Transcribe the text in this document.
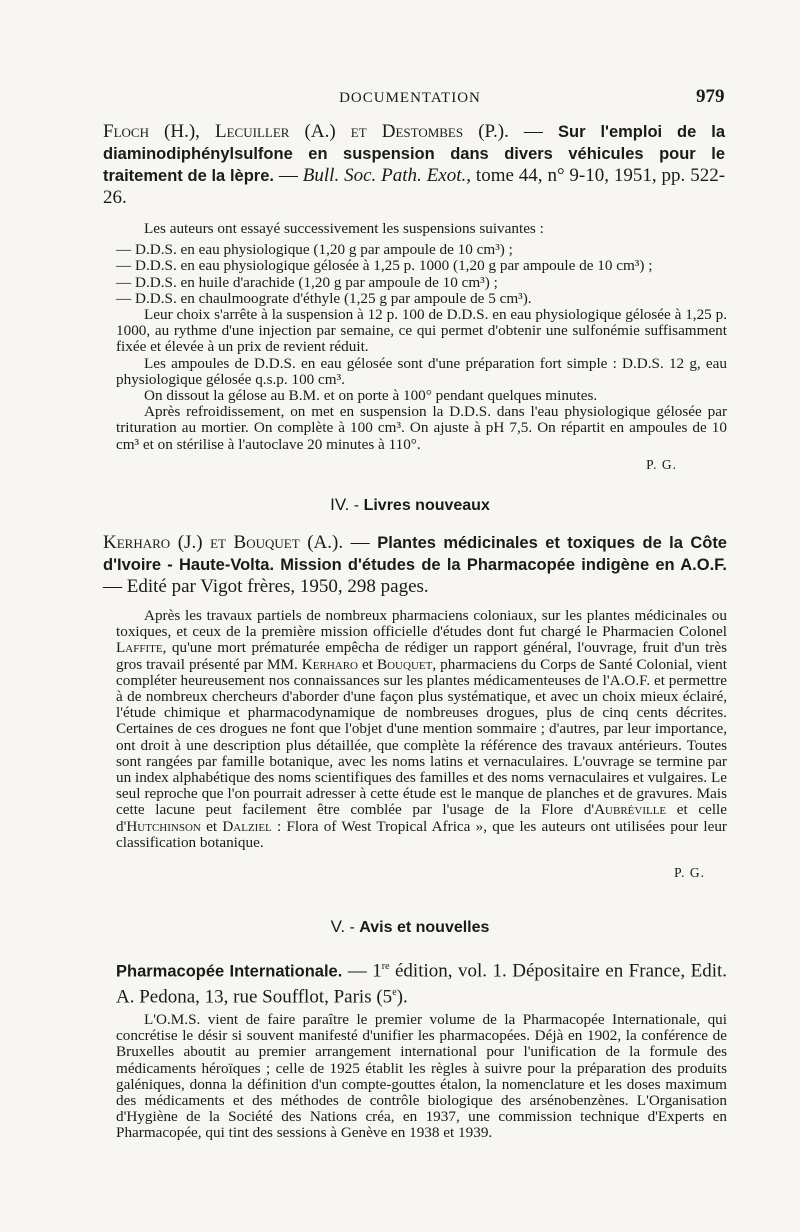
DOCUMENTATION	979
Floch (H.), Lecuiller (A.) et Destombes (P.). — Sur l'emploi de la diaminodiphénylsulfone en suspension dans divers véhicules pour le traitement de la lèpre. — Bull. Soc. Path. Exot., tome 44, n° 9-10, 1951, pp. 522-26.

Les auteurs ont essayé successivement les suspensions suivantes :

— D.D.S. en eau physiologique (1,20 g par ampoule de 10 cm³) ;
— D.D.S. en eau physiologique gélosée à 1,25 p. 1000 (1,20 g par ampoule de 10 cm³) ;
— D.D.S. en huile d'arachide (1,20 g par ampoule de 10 cm³) ;
— D.D.S. en chaulmoograte d'éthyle (1,25 g par ampoule de 5 cm³).

Leur choix s'arrête à la suspension à 12 p. 100 de D.D.S. en eau physiologique gélosée à 1,25 p. 1000, au rythme d'une injection par semaine, ce qui permet d'obtenir une sulfonémie suffisamment fixée et élevée à un prix de revient réduit.

Les ampoules de D.D.S. en eau gélosée sont d'une préparation fort simple : D.D.S. 12 g, eau physiologique gélosée q.s.p. 100 cm³.

On dissout la gélose au B.M. et on porte à 100° pendant quelques minutes.

Après refroidissement, on met en suspension la D.D.S. dans l'eau physiologique gélosée par trituration au mortier. On complète à 100 cm³. On ajuste à pH 7,5. On répartit en ampoules de 10 cm³ et on stérilise à l'autoclave 20 minutes à 110°.

P. G.

IV. - Livres nouveaux
Kerharo (J.) et Bouquet (A.). — Plantes médicinales et toxiques de la Côte d'Ivoire - Haute-Volta. Mission d'études de la Pharmacopée indigène en A.O.F. — Edité par Vigot frères, 1950, 298 pages.

Après les travaux partiels de nombreux pharmaciens coloniaux, sur les plantes médicinales ou toxiques, et ceux de la première mission officielle d'études dont fut chargé le Pharmacien Colonel Laffite, qu'une mort prématurée empêcha de rédiger un rapport général, l'ouvrage, fruit d'un très gros travail présenté par MM. Kerharo et Bouquet, pharmaciens du Corps de Santé Colonial, vient compléter heureusement nos connaissances sur les plantes médicamenteuses de l'A.O.F. et permettre à de nombreux chercheurs d'aborder d'une façon plus systématique, et avec un choix mieux éclairé, l'étude chimique et pharmacodynamique de nombreuses drogues, plus de cinq cents décrites. Certaines de ces drogues ne font que l'objet d'une mention sommaire ; d'autres, par leur importance, ont droit à une description plus détaillée, que complète la référence des travaux antérieurs. Toutes sont rangées par famille botanique, avec les noms latins et vernaculaires. L'ouvrage se termine par un index alphabétique des noms scientifiques des familles et des noms vernaculaires et vulgaires. Le seul reproche que l'on pourrait adresser à cette étude est le manque de planches et de gravures. Mais cette lacune peut facilement être comblée par l'usage de la Flore d'Aubréville et celle d'Hutchinson et Dalziel : Flora of West Tropical Africa », que les auteurs ont utilisées pour leur classification botanique.

P. G.

V. - Avis et nouvelles
Pharmacopée Internationale. — 1re édition, vol. 1. Dépositaire en France, Edit. A. Pedona, 13, rue Soufflot, Paris (5e).

L'O.M.S. vient de faire paraître le premier volume de la Pharmacopée Internationale, qui concrétise le désir si souvent manifesté d'unifier les pharmacopées. Déjà en 1902, la conférence de Bruxelles aboutit au premier arrangement international pour l'unification de la formule des médicaments héroïques ; celle de 1925 établit les règles à suivre pour la préparation des produits galéniques, donna la définition d'un compte-gouttes étalon, la nomenclature et les doses maximum des médicaments et des méthodes de contrôle biologique des arsénobenzènes. L'Organisation d'Hygiène de la Société des Nations créa, en 1937, une commission technique d'Experts en Pharmacopée, qui tint des sessions à Genève en 1938 et 1939.
